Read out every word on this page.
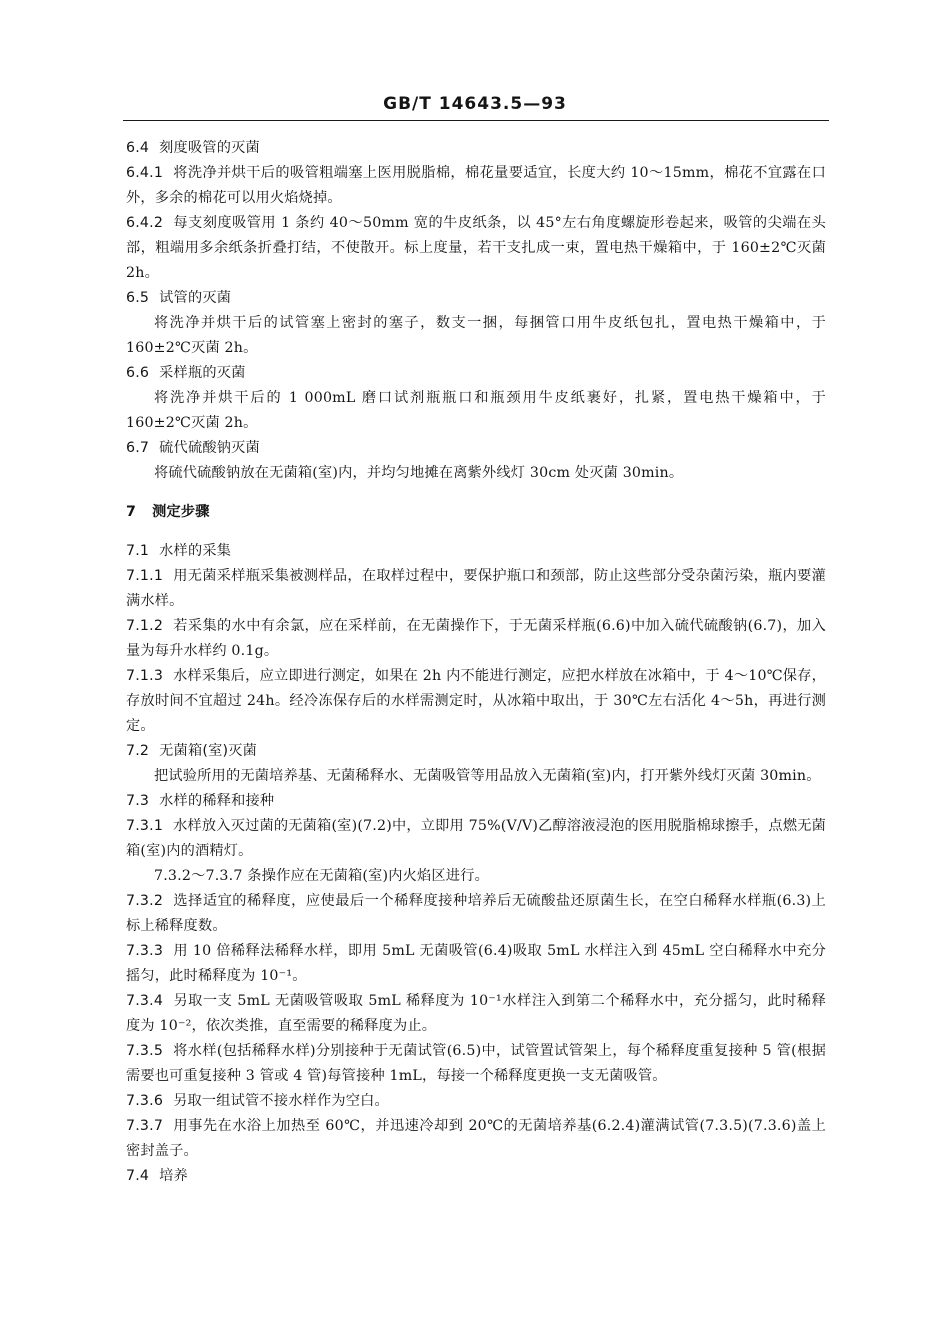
GB/T 14643.5—93

6.4 刻度吸管的灭菌

6.4.1 将洗净并烘干后的吸管粗端塞上医用脱脂棉，棉花量要适宜，长度大约 10～15mm，棉花不宜露在口外，多余的棉花可以用火焰烧掉。

6.4.2 每支刻度吸管用 1 条约 40～50mm 宽的牛皮纸条，以 45°左右角度螺旋形卷起来，吸管的尖端在头部，粗端用多余纸条折叠打结，不使散开。标上度量，若干支扎成一束，置电热干燥箱中，于 160±2℃灭菌 2h。

6.5 试管的灭菌

将洗净并烘干后的试管塞上密封的塞子，数支一捆，每捆管口用牛皮纸包扎，置电热干燥箱中，于 160±2℃灭菌 2h。

6.6 采样瓶的灭菌

将洗净并烘干后的 1 000mL 磨口试剂瓶瓶口和瓶颈用牛皮纸裹好，扎紧，置电热干燥箱中，于 160±2℃灭菌 2h。

6.7 硫代硫酸钠灭菌

将硫代硫酸钠放在无菌箱(室)内，并均匀地摊在离紫外线灯 30cm 处灭菌 30min。

7 测定步骤

7.1 水样的采集

7.1.1 用无菌采样瓶采集被测样品，在取样过程中，要保护瓶口和颈部，防止这些部分受杂菌污染，瓶内要灌满水样。

7.1.2 若采集的水中有余氯，应在采样前，在无菌操作下，于无菌采样瓶(6.6)中加入硫代硫酸钠(6.7)，加入量为每升水样约 0.1g。

7.1.3 水样采集后，应立即进行测定，如果在 2h 内不能进行测定，应把水样放在冰箱中，于 4～10℃保存，存放时间不宜超过 24h。经冷冻保存后的水样需测定时，从冰箱中取出，于 30℃左右活化 4～5h，再进行测定。

7.2 无菌箱(室)灭菌

把试验所用的无菌培养基、无菌稀释水、无菌吸管等用品放入无菌箱(室)内，打开紫外线灯灭菌 30min。

7.3 水样的稀释和接种

7.3.1 水样放入灭过菌的无菌箱(室)(7.2)中，立即用 75%(V/V)乙醇溶液浸泡的医用脱脂棉球擦手，点燃无菌箱(室)内的酒精灯。

7.3.2～7.3.7 条操作应在无菌箱(室)内火焰区进行。

7.3.2 选择适宜的稀释度，应使最后一个稀释度接种培养后无硫酸盐还原菌生长，在空白稀释水样瓶(6.3)上标上稀释度数。

7.3.3 用 10 倍稀释法稀释水样，即用 5mL 无菌吸管(6.4)吸取 5mL 水样注入到 45mL 空白稀释水中充分摇匀，此时稀释度为 10⁻¹。

7.3.4 另取一支 5mL 无菌吸管吸取 5mL 稀释度为 10⁻¹水样注入到第二个稀释水中，充分摇匀，此时稀释度为 10⁻²，依次类推，直至需要的稀释度为止。

7.3.5 将水样(包括稀释水样)分别接种于无菌试管(6.5)中，试管置试管架上，每个稀释度重复接种 5 管(根据需要也可重复接种 3 管或 4 管)每管接种 1mL，每接一个稀释度更换一支无菌吸管。

7.3.6 另取一组试管不接水样作为空白。

7.3.7 用事先在水浴上加热至 60℃，并迅速冷却到 20℃的无菌培养基(6.2.4)灌满试管(7.3.5)(7.3.6)盖上密封盖子。

7.4 培养
